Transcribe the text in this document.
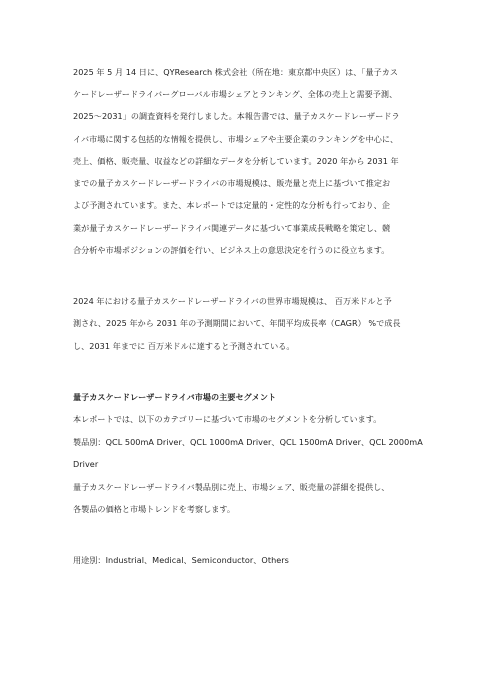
2025 年 5 月 14 日に、QYResearch 株式会社（所在地：東京都中央区）は、「量子カス
ケードレーザードライバーグローバル市場シェアとランキング、全体の売上と需要予測、
2025～2031」の調査資料を発行しました。本報告書では、量子カスケードレーザードラ
イバ市場に関する包括的な情報を提供し、市場シェアや主要企業のランキングを中心に、
売上、価格、販売量、収益などの詳細なデータを分析しています。2020 年から 2031 年
までの量子カスケードレーザードライバの市場規模は、販売量と売上に基づいて推定お
よび予測されています。また、本レポートでは定量的・定性的な分析も行っており、企
業が量子カスケードレーザードライバ関連データに基づいて事業成長戦略を策定し、競
合分析や市場ポジションの評価を行い、ビジネス上の意思決定を行うのに役立ちます。
2024 年における量子カスケードレーザードライバの世界市場規模は、 百万米ドルと予
測され、2025 年から 2031 年の予測期間において、年間平均成長率（CAGR） %で成長
し、2031 年までに 百万米ドルに達すると予測されている。
量子カスケードレーザードライバ市場の主要セグメント
本レポートでは、以下のカテゴリーに基づいて市場のセグメントを分析しています。
製品別：QCL 500mA Driver、QCL 1000mA Driver、QCL 1500mA Driver、QCL 2000mA
Driver
量子カスケードレーザードライバ製品別に売上、市場シェア、販売量の詳細を提供し、
各製品の価格と市場トレンドを考察します。
用途別：Industrial、Medical、Semiconductor、Others
